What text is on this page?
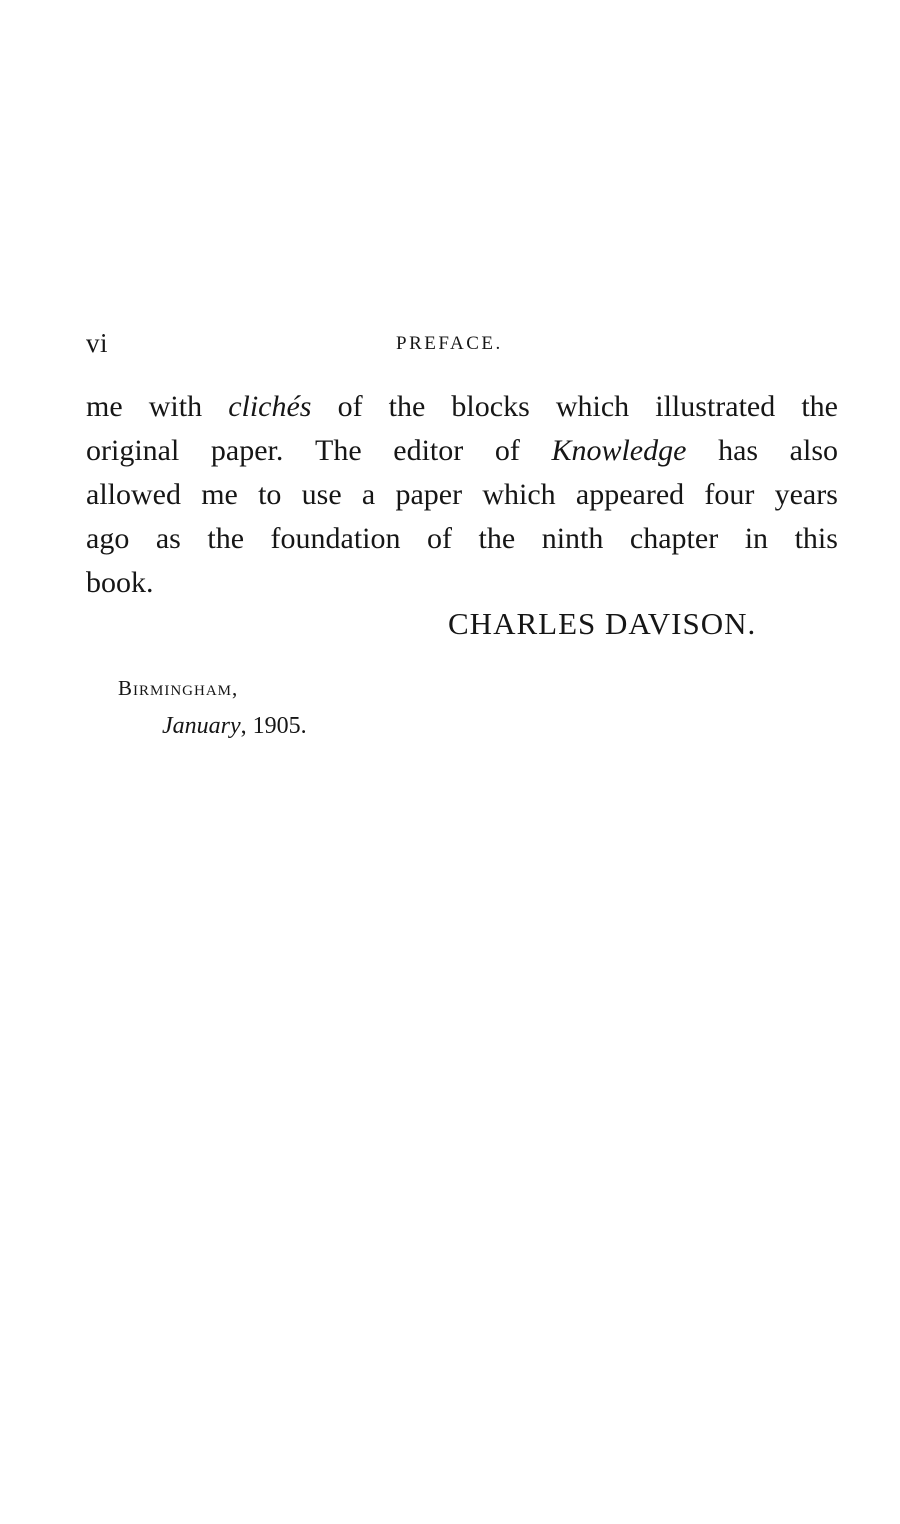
vi	PREFACE.
me with clichés of the blocks which illustrated the
original paper. The editor of Knowledge has also
allowed me to use a paper which appeared four years
ago as the foundation of the ninth chapter in this
book.
CHARLES DAVISON.
Birmingham,
January, 1905.
